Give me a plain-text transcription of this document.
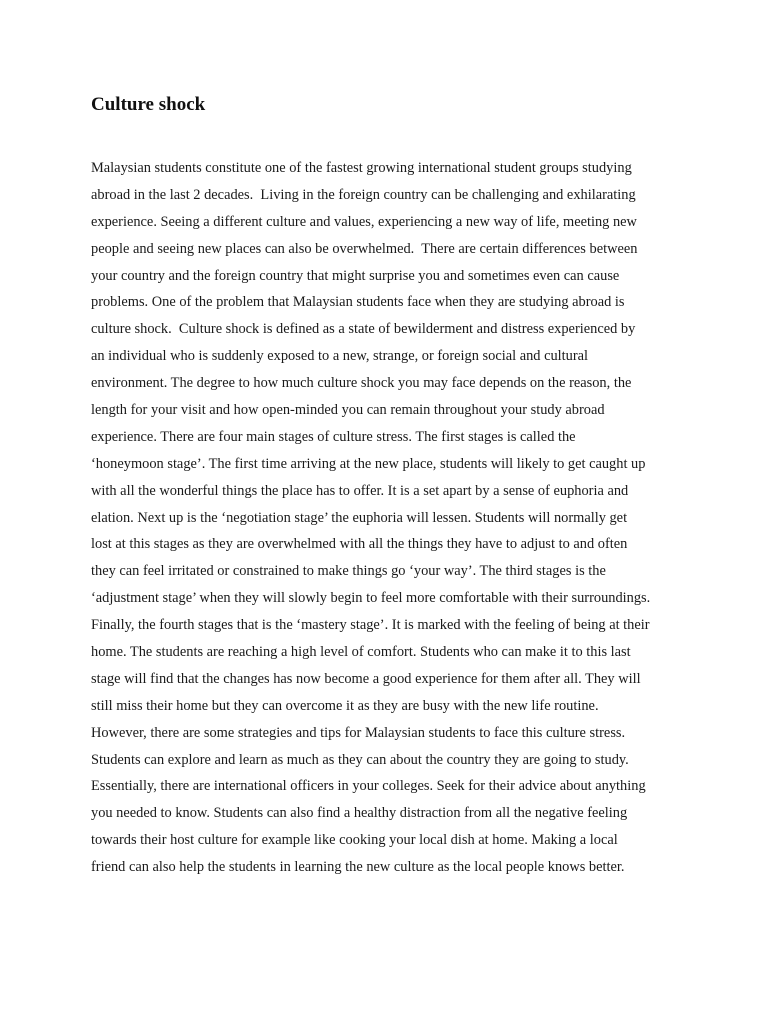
Culture shock
Malaysian students constitute one of the fastest growing international student groups studying
abroad in the last 2 decades.  Living in the foreign country can be challenging and exhilarating
experience. Seeing a different culture and values, experiencing a new way of life, meeting new
people and seeing new places can also be overwhelmed.  There are certain differences between
your country and the foreign country that might surprise you and sometimes even can cause
problems. One of the problem that Malaysian students face when they are studying abroad is
culture shock.  Culture shock is defined as a state of bewilderment and distress experienced by
an individual who is suddenly exposed to a new, strange, or foreign social and cultural
environment. The degree to how much culture shock you may face depends on the reason, the
length for your visit and how open-minded you can remain throughout your study abroad
experience. There are four main stages of culture stress. The first stages is called the
‘honeymoon stage’. The first time arriving at the new place, students will likely to get caught up
with all the wonderful things the place has to offer. It is a set apart by a sense of euphoria and
elation. Next up is the ‘negotiation stage’ the euphoria will lessen. Students will normally get
lost at this stages as they are overwhelmed with all the things they have to adjust to and often
they can feel irritated or constrained to make things go ‘your way’. The third stages is the
‘adjustment stage’ when they will slowly begin to feel more comfortable with their surroundings.
Finally, the fourth stages that is the ‘mastery stage’. It is marked with the feeling of being at their
home. The students are reaching a high level of comfort. Students who can make it to this last
stage will find that the changes has now become a good experience for them after all. They will
still miss their home but they can overcome it as they are busy with the new life routine.
However, there are some strategies and tips for Malaysian students to face this culture stress.
Students can explore and learn as much as they can about the country they are going to study.
Essentially, there are international officers in your colleges. Seek for their advice about anything
you needed to know. Students can also find a healthy distraction from all the negative feeling
towards their host culture for example like cooking your local dish at home. Making a local
friend can also help the students in learning the new culture as the local people knows better.
